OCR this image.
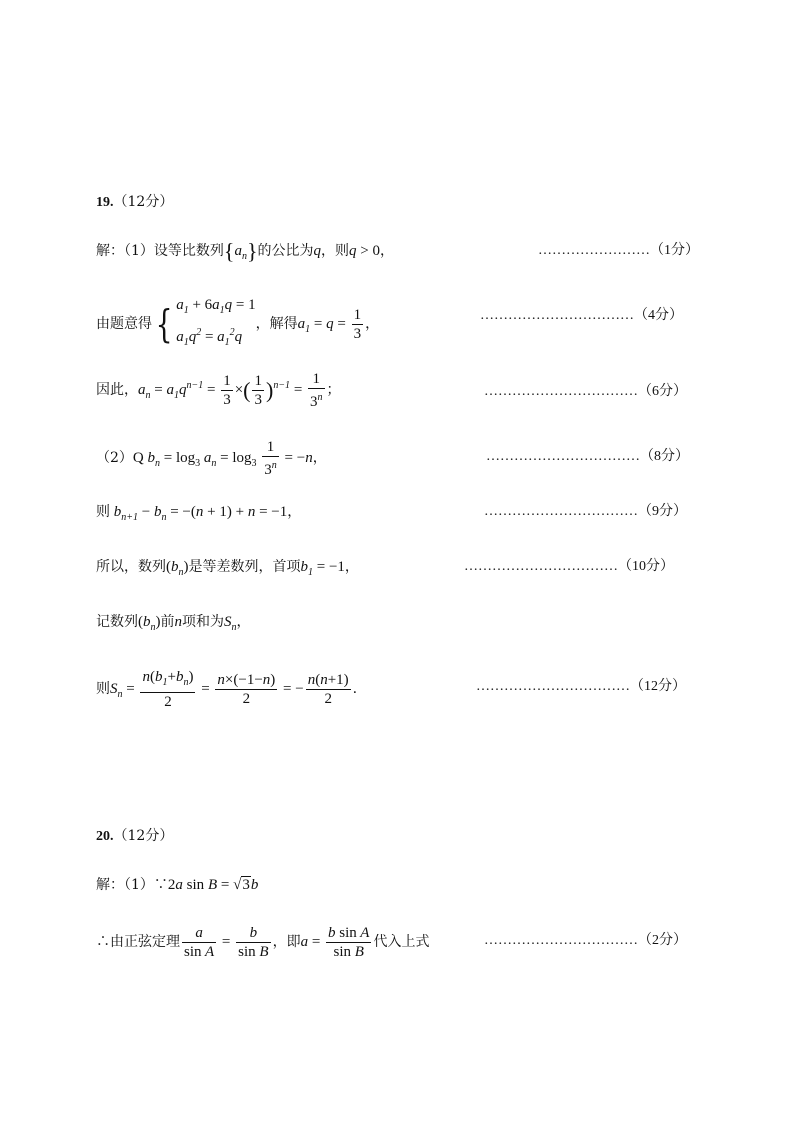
19.（12分）
解：（1）设等比数列$\{a_n\}$的公比为q，则q > 0，	……………………（1分）
由题意得{ $a_1 + 6a_1q = 1$
$a_1q^2 = a_1^2q$，解得$a_1 = q = \frac{1}{3}$ ，
……………………………（4分）
因此，$a_n = a_1q^{n-1} = \frac{1}{3}$ ×( $\frac{1}{3} )^{n-1} = \frac{1}{3^n}$ ；	……………………………（6分）
（2）Q $b_n = \log_3 a_n = \log_3 \frac{1}{3^n} = -n$，	……………………………（8分）
则 $b_{n+1} - b_n = -(n + 1) + n = -1$，	……………………………（9分）
所以，数列$(b_n)$是等差数列，首项$b_1 = -1$，	……………………………（10分）
记数列$(b_n)$前n项和为$S_n$，
则$S_n = \frac{n(b_1+b_n)}{2} = \frac{n\times(-1-n)}{2}$ = − $\frac{n(n+1)}{2}$ .	……………………………（12分）
20.（12分）
解：（1）∵2a sin B = √3b
∴由正弦定理 $\frac{a}{\text{sin A}} = \frac{b}{\text{sin B}}$ ，即$a = \frac{\text{b sin A}}{\text{sin B}}$ 代入上式	……………………………（2分）
